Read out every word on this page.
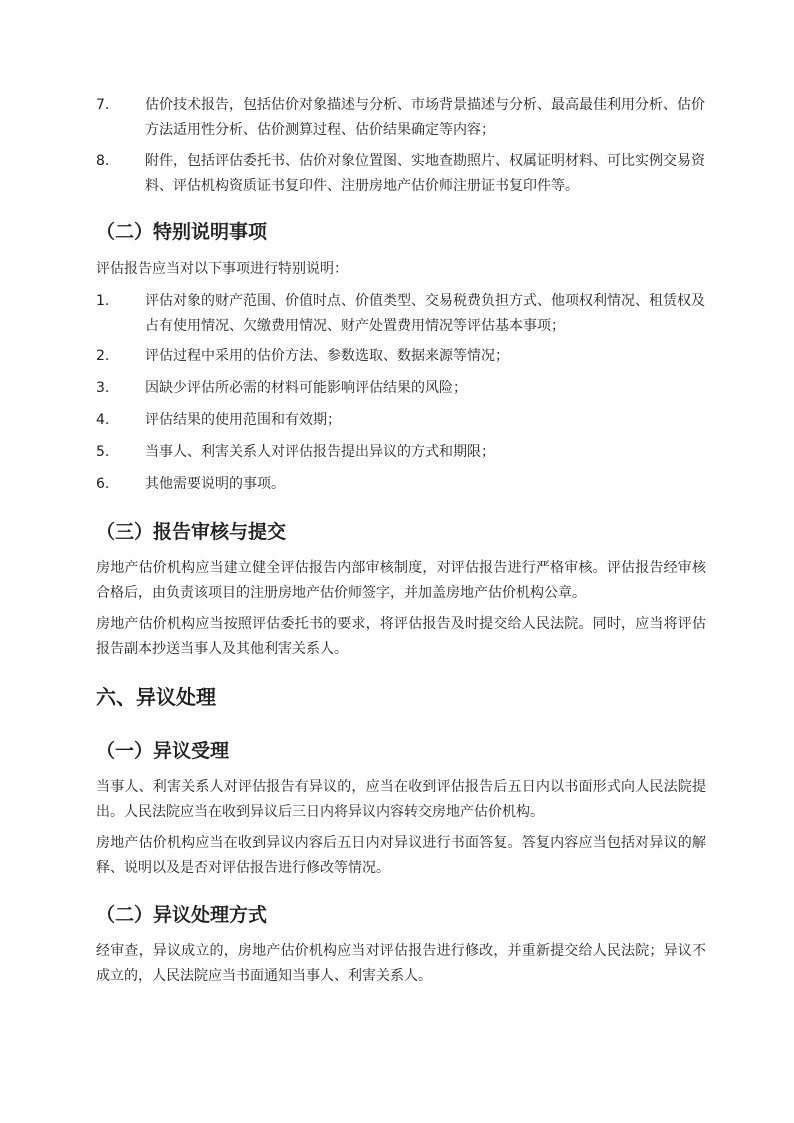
7.	估价技术报告，包括估价对象描述与分析、市场背景描述与分析、最高最佳利用分析、估价方法适用性分析、估价测算过程、估价结果确定等内容；
8.	附件，包括评估委托书、估价对象位置图、实地查勘照片、权属证明材料、可比实例交易资料、评估机构资质证书复印件、注册房地产估价师注册证书复印件等。
（二）特别说明事项
评估报告应当对以下事项进行特别说明：
1.	评估对象的财产范围、价值时点、价值类型、交易税费负担方式、他项权利情况、租赁权及占有使用情况、欠缴费用情况、财产处置费用情况等评估基本事项；
2.	评估过程中采用的估价方法、参数选取、数据来源等情况；
3.	因缺少评估所必需的材料可能影响评估结果的风险；
4.	评估结果的使用范围和有效期；
5.	当事人、利害关系人对评估报告提出异议的方式和期限；
6.	其他需要说明的事项。
（三）报告审核与提交
房地产估价机构应当建立健全评估报告内部审核制度，对评估报告进行严格审核。评估报告经审核合格后，由负责该项目的注册房地产估价师签字，并加盖房地产估价机构公章。
房地产估价机构应当按照评估委托书的要求，将评估报告及时提交给人民法院。同时，应当将评估报告副本抄送当事人及其他利害关系人。
六、异议处理
（一）异议受理
当事人、利害关系人对评估报告有异议的，应当在收到评估报告后五日内以书面形式向人民法院提出。人民法院应当在收到异议后三日内将异议内容转交房地产估价机构。
房地产估价机构应当在收到异议内容后五日内对异议进行书面答复。答复内容应当包括对异议的解释、说明以及是否对评估报告进行修改等情况。
（二）异议处理方式
经审查，异议成立的，房地产估价机构应当对评估报告进行修改，并重新提交给人民法院；异议不成立的，人民法院应当书面通知当事人、利害关系人。
